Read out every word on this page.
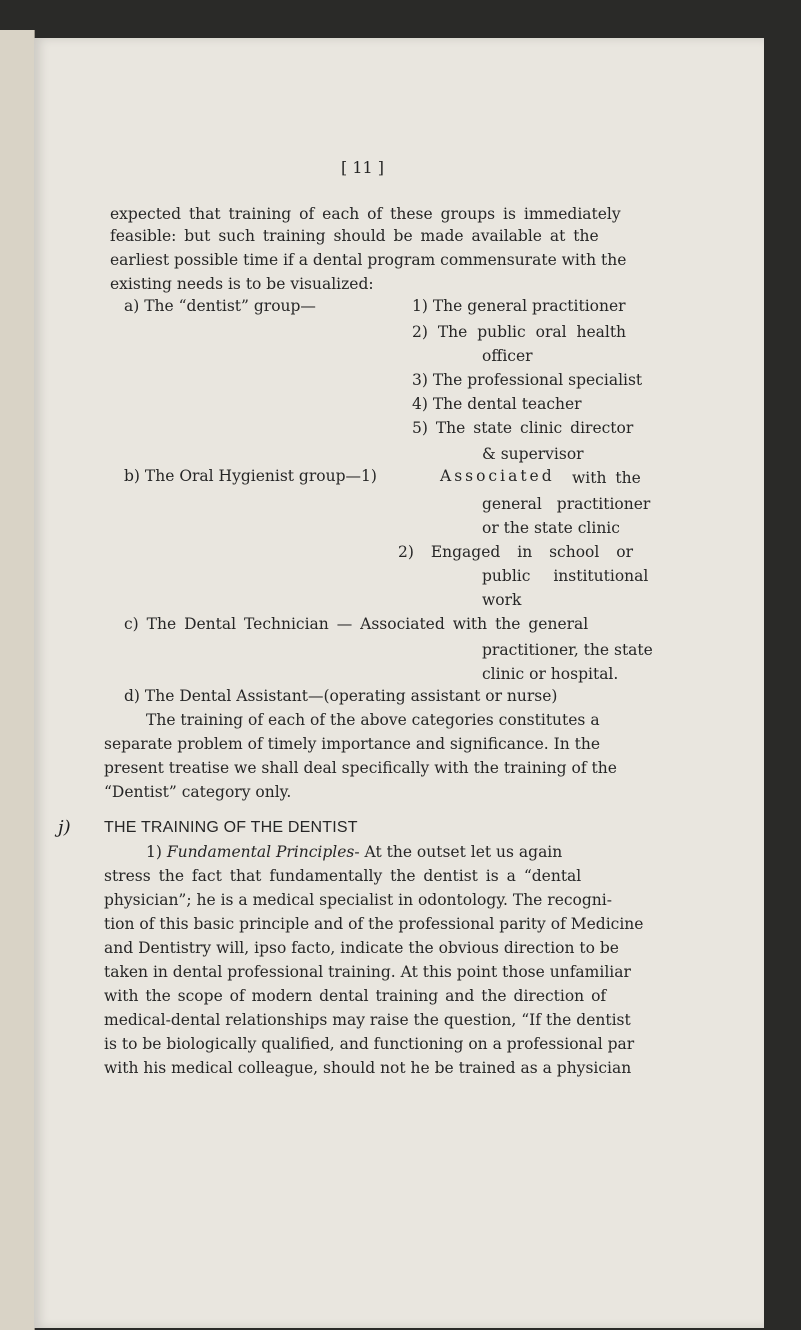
[ 11 ]
expected that training of each of these groups is immediately
feasible: but such training should be made available at the
earliest possible time if a dental program commensurate with the
existing needs is to be visualized:
a) The “dentist” group—	1) The general practitioner
2) The public oral health
officer
3) The professional specialist
4) The dental teacher
5) The state clinic director
& supervisor
b) The Oral Hygienist group—1)	Associated with the
general practitioner
or the state clinic
2) Engaged in school or
public institutional
work
c) The Dental Technician — Associated with the general
practitioner, the state
clinic or hospital.
d) The Dental Assistant—(operating assistant or nurse)
The training of each of the above categories constitutes a
separate problem of timely importance and significance. In the
present treatise we shall deal specifically with the training of the
“Dentist” category only.
THE TRAINING OF THE DENTIST
1) Fundamental Principles- At the outset let us again
stress the fact that fundamentally the dentist is a “dental
physician”; he is a medical specialist in odontology. The recogni-
tion of this basic principle and of the professional parity of Medicine
and Dentistry will, ipso facto, indicate the obvious direction to be
taken in dental professional training. At this point those unfamiliar
with the scope of modern dental training and the direction of
medical-dental relationships may raise the question, “If the dentist
is to be biologically qualified, and functioning on a professional par
with his medical colleague, should not he be trained as a physician
j)
